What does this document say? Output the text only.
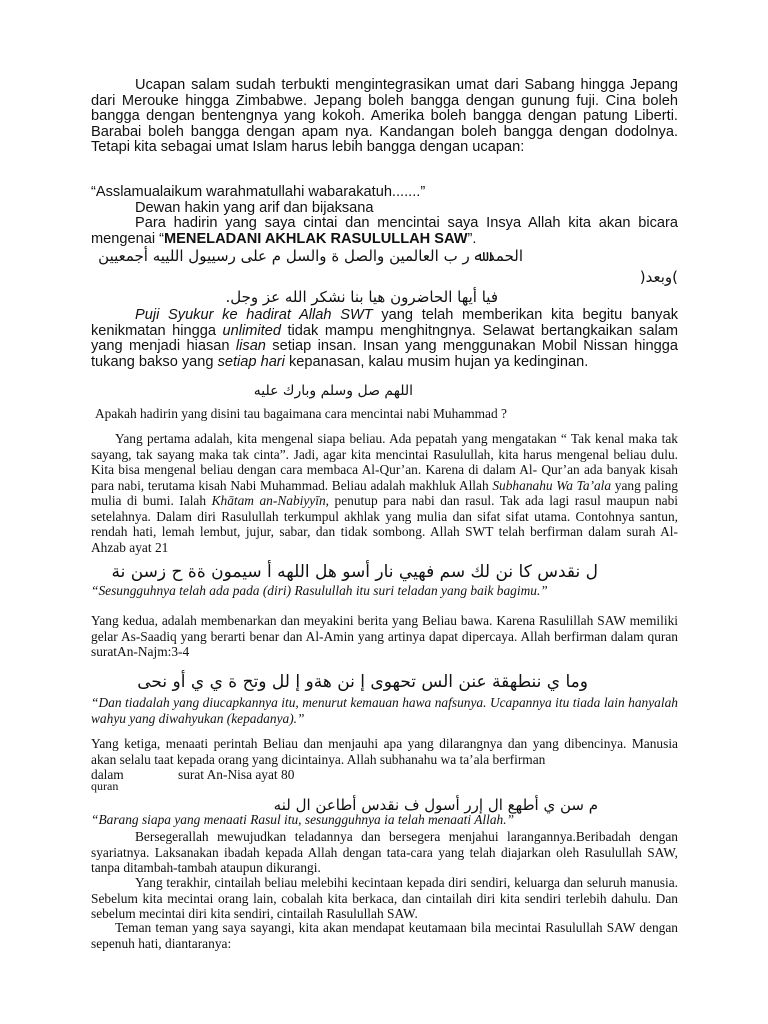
Ucapan salam sudah terbukti mengintegrasikan umat dari Sabang hingga Jepang dari Merouke hingga Zimbabwe. Jepang boleh bangga dengan gunung fuji. Cina boleh bangga dengan bentengnya yang kokoh. Amerika boleh bangga dengan patung Liberti. Barabai boleh bangga dengan apam nya. Kandangan boleh bangga dengan dodolnya. Tetapi kita sebagai umat Islam harus lebih bangga dengan ucapan:

“Asslamualaikum warahmatullahi wabarakatuh.......”

Dewan hakin yang arif dan bijaksana

Para hadirin yang saya cintai dan mencintai saya Insya Allah kita akan bicara mengenai “MENELADANI AKHLAK RASULULLAH SAW”.

الحمد ﷲ ر ب العالمين والصل ة والسل م على رسييول اللييه أجمعيين
)وبعد(
فيا أيها الحاضرون هيا بنا نشكر الله عز وجل.

Puji Syukur ke hadirat Allah SWT yang telah memberikan kita begitu banyak kenikmatan hingga unlimited tidak mampu menghitngnya. Selawat bertangkaikan salam yang menjadi hiasan lisan setiap insan. Insan yang menggunakan Mobil Nissan hingga tukang bakso yang setiap hari kepanasan, kalau musim hujan ya kedinginan.

اللهم صل وسلم وبارك عليه

Apakah hadirin yang disini tau bagaimana cara mencintai nabi Muhammad ?

Yang pertama adalah, kita mengenal siapa beliau. Ada pepatah yang mengatakan “ Tak kenal maka tak sayang, tak sayang maka tak cinta”. Jadi, agar kita mencintai Rasulullah, kita harus mengenal beliau dulu. Kita bisa mengenal beliau dengan cara membaca Al-Qur’an. Karena di dalam Al- Qur’an ada banyak kisah para nabi, terutama kisah Nabi Muhammad. Beliau adalah makhluk Allah Subhanahu Wa Ta’ala yang paling mulia di bumi. Ialah Khātam an-Nabiyyīn, penutup para nabi dan rasul. Tak ada lagi rasul maupun nabi setelahnya. Dalam diri Rasulullah terkumpul akhlak yang mulia dan sifat sifat utama. Contohnya santun, rendah hati, lemah lembut, jujur, sabar, dan tidak sombong. Allah SWT telah berfirman dalam surah Al-Ahzab ayat 21

ل نقدس كا نن لك سم فهيي نار أسو هل اللهه أ سيمون ةة ح زسن نة

“Sesungguhnya telah ada pada (diri) Rasulullah itu suri teladan yang baik bagimu.”

Yang kedua, adalah membenarkan dan meyakini berita yang Beliau bawa. Karena Rasulillah SAW memiliki gelar As-Saadiq yang berarti benar dan Al-Amin yang artinya dapat dipercaya. Allah berfirman dalam quran suratAn-Najm:3-4

وما ي ننطهقة عنن الس تحهوى إ نن هةو إ لل وتح ة ي ي أو نحى

“Dan tiadalah yang diucapkannya itu, menurut kemauan hawa nafsunya. Ucapannya itu tiada lain hanyalah wahyu yang diwahyukan (kepadanya).”

Yang ketiga, menaati perintah Beliau dan menjauhi apa yang dilarangnya dan yang dibencinya. Manusia akan selalu taat kepada orang yang dicintainya. Allah subhanahu wa ta’ala berfirman

dalam	surat An-Nisa ayat 80

quran

م سن ي أطهع ال إرر أسول ف نقدس أطاعن ال لنه

“Barang siapa yang menaati Rasul itu, sesungguhnya ia telah menaati Allah.”

Bersegerallah mewujudkan teladannya dan bersegera menjahui larangannya.Beribadah dengan syariatnya. Laksanakan ibadah kepada Allah dengan tata-cara yang telah diajarkan oleh Rasulullah SAW, tanpa ditambah-tambah ataupun dikurangi.

Yang terakhir, cintailah beliau melebihi kecintaan kepada diri sendiri, keluarga dan seluruh manusia. Sebelum kita mecintai orang lain, cobalah kita berkaca, dan cintailah diri kita sendiri terlebih dahulu. Dan sebelum mecintai diri kita sendiri, cintailah Rasulullah SAW.

Teman teman yang saya sayangi, kita akan mendapat keutamaan bila mecintai Rasulullah SAW dengan sepenuh hati, diantaranya:
